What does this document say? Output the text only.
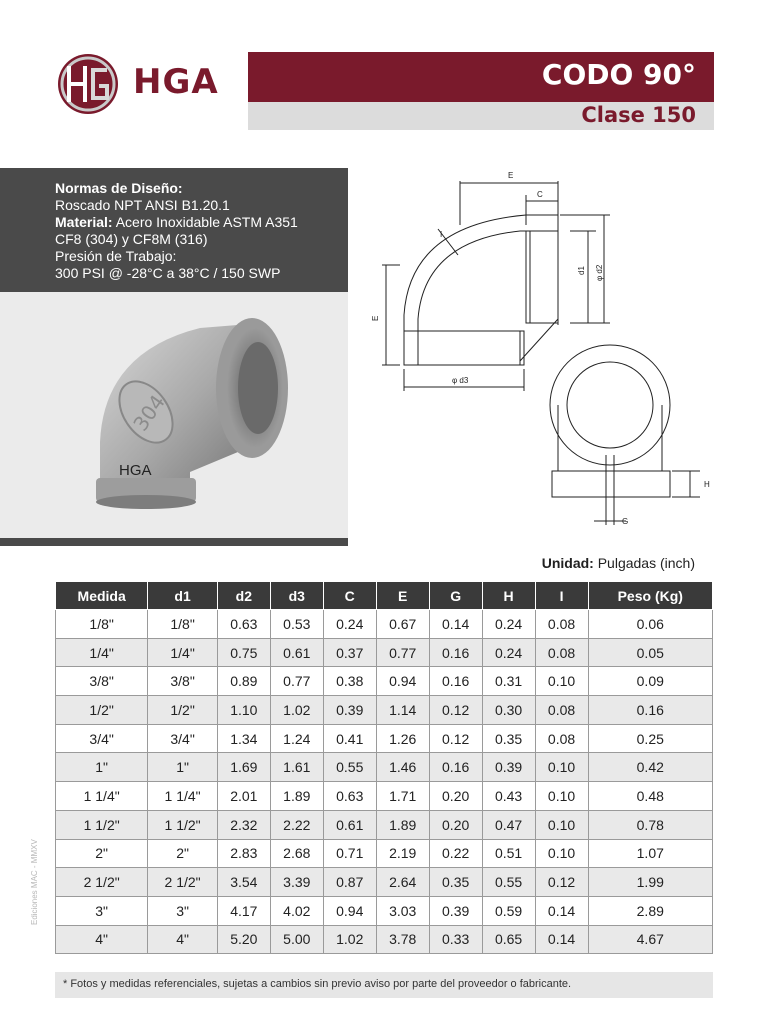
HGA	CODO 90°
Clase 150
Normas de Diseño:
Roscado NPT ANSI B1.20.1
Material: Acero Inoxidable ASTM A351
CF8 (304) y CF8M (316)
Presión de Trabajo:
300 PSI @ -28°C a 38°C / 150 SWP
304
HGA
E
C
d1 φ d2
E
φ d3
I
H
G
Unidad: Pulgadas (inch)
Medida	d1	d2	d3	C	E	G	H	I	Peso (Kg)
1/8"	1/8"	0.63	0.53	0.24	0.67	0.14	0.24	0.08	0.06
1/4"	1/4"	0.75	0.61	0.37	0.77	0.16	0.24	0.08	0.05
3/8"	3/8"	0.89	0.77	0.38	0.94	0.16	0.31	0.10	0.09
1/2"	1/2"	1.10	1.02	0.39	1.14	0.12	0.30	0.08	0.16
3/4"	3/4"	1.34	1.24	0.41	1.26	0.12	0.35	0.08	0.25
1"	1"	1.69	1.61	0.55	1.46	0.16	0.39	0.10	0.42
1 1/4"	1 1/4"	2.01	1.89	0.63	1.71	0.20	0.43	0.10	0.48
1 1/2"	1 1/2"	2.32	2.22	0.61	1.89	0.20	0.47	0.10	0.78
2"	2"	2.83	2.68	0.71	2.19	0.22	0.51	0.10	1.07
2 1/2"	2 1/2"	3.54	3.39	0.87	2.64	0.35	0.55	0.12	1.99
3"	3"	4.17	4.02	0.94	3.03	0.39	0.59	0.14	2.89
4"	4"	5.20	5.00	1.02	3.78	0.33	0.65	0.14	4.67
Ediciones MAC - MMXV
* Fotos y medidas referenciales, sujetas a cambios sin previo aviso por parte del proveedor o fabricante.
